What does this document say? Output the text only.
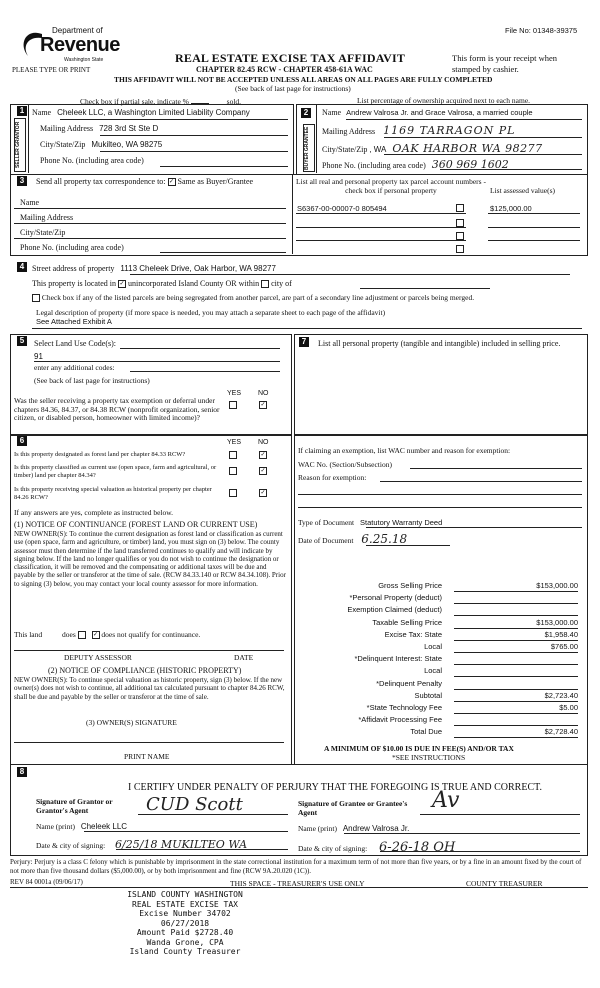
Department of
Revenue
Washington State
PLEASE TYPE OR PRINT
File No: 01348-39375
REAL ESTATE EXCISE TAX AFFIDAVIT
CHAPTER 82.45 RCW - CHAPTER 458-61A WAC
This form is your receipt when stamped by cashier.
THIS AFFIDAVIT WILL NOT BE ACCEPTED UNLESS ALL AREAS ON ALL PAGES ARE FULLY COMPLETED
(See back of last page for instructions)
Check box if partial sale, indicate %	sold.	List percentage of ownership acquired next to each name.
1
SELLER GRANTOR
Name Cheleek LLC, a Washington Limited Liability Company
Mailing Address 728 3rd St Ste D
City/State/Zip Mukilteo, WA 98275
Phone No. (including area code)
2
BUYER GRANTEE
Name Andrew Valrosa Jr. and Grace Valrosa, a married couple
Mailing Address 1169 TARRAGON PL
City/State/Zip , WA OAK HARBOR WA 98277
Phone No. (including area code) 360 969 1602
3	Send all property tax correspondence to: ✓ Same as Buyer/Grantee	List all real and personal property tax parcel account numbers - check box if personal property	List assessed value(s)
Name
Mailing Address
City/State/Zip
Phone No. (including area code)
S6367-00-00007-0 805494	$125,000.00
4 Street address of property 1113 Cheleek Drive, Oak Harbor, WA 98277
This property is located in ✓ unincorporated Island County OR within city of
Check box if any of the listed parcels are being segregated from another parcel, are part of a secondary line adjustment or parcels being merged.
Legal description of property (if more space is needed, you may attach a separate sheet to each page of the affidavit)
See Attached Exhibit A
5	Select Land Use Code(s):
91
enter any additional codes:
(See back of last page for instructions)
YES NO
Was the seller receiving a property tax exemption or deferral under chapters 84.36, 84.37, or 84.38 RCW (nonprofit organization, senior citizen, or disabled person, homeowner with limited income)?
✓
7	List all personal property (tangible and intangible) included in selling price.
6	YES NO
Is this property designated as forest land per chapter 84.33 RCW?	✓
Is this property classified as current use (open space, farm and agricultural, or timber) land per chapter 84.34?
✓
Is this property receiving special valuation as historical property per chapter 84.26 RCW?
✓
If any answers are yes, complete as instructed below.
(1) NOTICE OF CONTINUANCE (FOREST LAND OR CURRENT USE)
NEW OWNER(S): To continue the current designation as forest land or classification as current use (open space, farm and agriculture, or timber) land, you must sign on (3) below. The county assessor must then determine if the land transferred continues to qualify and will indicate by signing below. If the land no longer qualifies or you do not wish to continue the designation or classification, it will be removed and the compensating or additional taxes will be due and payable by the seller or transferor at the time of sale. (RCW 84.33.140 or RCW 84.34.108). Prior to signing (3) below, you may contact your local county assessor for more information.
This land	does	✓ does not qualify for continuance.
DEPUTY ASSESSOR	DATE
(2) NOTICE OF COMPLIANCE (HISTORIC PROPERTY)
NEW OWNER(S): To continue special valuation as historic property, sign (3) below. If the new owner(s) does not wish to continue, all additional tax calculated pursuant to chapter 84.26 RCW, shall be due and payable by the seller or transferor at the time of sale.
(3) OWNER(S) SIGNATURE
PRINT NAME
If claiming an exemption, list WAC number and reason for exemption:
WAC No. (Section/Subsection)
Reason for exemption:
Type of Document Statutory Warranty Deed
Date of Document 6.25.18
Gross Selling Price	$153,000.00
*Personal Property (deduct)
Exemption Claimed (deduct)
Taxable Selling Price	$153,000.00
Excise Tax: State	$1,958.40
Local	$765.00
*Delinquent Interest: State
Local
*Delinquent Penalty
Subtotal	$2,723.40
*State Technology Fee	$5.00
*Affidavit Processing Fee
Total Due	$2,728.40
A MINIMUM OF $10.00 IS DUE IN FEE(S) AND/OR TAX
*SEE INSTRUCTIONS
8
I CERTIFY UNDER PENALTY OF PERJURY THAT THE FOREGOING IS TRUE AND CORRECT.
Signature of Grantor or Grantor's Agent	CUD Scott
Name (print) Cheleek LLC
Date & city of signing: 6/25/18 MUKILTEO WA
Signature of Grantee or Grantee's Agent	Av
Name (print) Andrew Valrosa Jr.
Date & city of signing: 6-26-18 OH
Perjury: Perjury is a class C felony which is punishable by imprisonment in the state correctional institution for a maximum term of not more than five years, or by a fine in an amount fixed by the court of not more than five thousand dollars ($5,000.00), or by both imprisonment and fine (RCW 9A.20.020 (1C)).
REV 84 0001a (09/06/17)	THIS SPACE - TREASURER'S USE ONLY	COUNTY TREASURER
ISLAND COUNTY WASHINGTON
REAL ESTATE EXCISE TAX
Excise Number 34702
06/27/2018
Amount Paid $2728.40
Wanda Grone, CPA
Island County Treasurer
